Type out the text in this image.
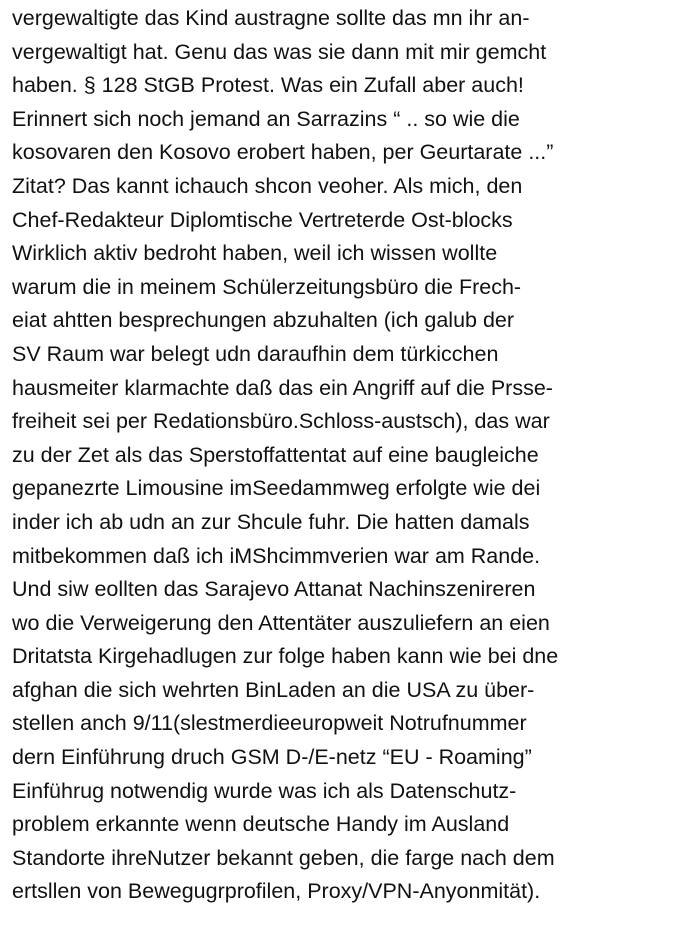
vergewaltigte das Kind austragne sollte das mn ihr an-
vergewaltigt hat. Genu das was sie dann mit mir gemcht
haben. § 128 StGB Protest. Was ein Zufall aber auch!
Erinnert sich noch jemand an Sarrazins “ .. so wie die
kosovaren den Kosovo erobert haben, per Geurtarate ...”
Zitat? Das kannt ichauch shcon veoher. Als mich, den
Chef-Redakteur Diplomtische Vertreterde Ost-blocks
Wirklich aktiv bedroht haben, weil ich wissen wollte
warum die in meinem Schülerzeitungsbüro die Frech-
eiat ahtten besprechungen abzuhalten (ich galub der
SV Raum war belegt udn daraufhin dem türkicchen
hausmeiter klarmachte daß das ein Angriff auf die Prsse-
freiheit sei per Redationsbüro.Schloss-austsch), das war
zu der Zet als das Sperstoffattentat auf eine baugleiche
gepanezrte Limousine imSeedammweg erfolgte wie dei
inder ich ab udn an zur Shcule fuhr. Die hatten damals
mitbekommen daß ich iMShcimmverien war am Rande.
Und siw eollten das Sarajevo Attanat Nachinszenireren
wo die Verweigerung den Attentäter auszuliefern an eien
Dritatsta Kirgehadlugen zur folge haben kann wie bei dne
afghan die sich wehrten BinLaden an die USA zu über-
stellen anch 9/11(slestmerdieeuropweit Notrufnummer
dern Einführung druch GSM D-/E-netz “EU - Roaming”
Einführug notwendig wurde was ich als Datenschutz-
problem erkannte wenn deutsche Handy im Ausland
Standorte ihreNutzer bekannt geben, die farge nach dem
ertsllen von Bewegugrprofilen, Proxy/VPN-Anyonmität).
